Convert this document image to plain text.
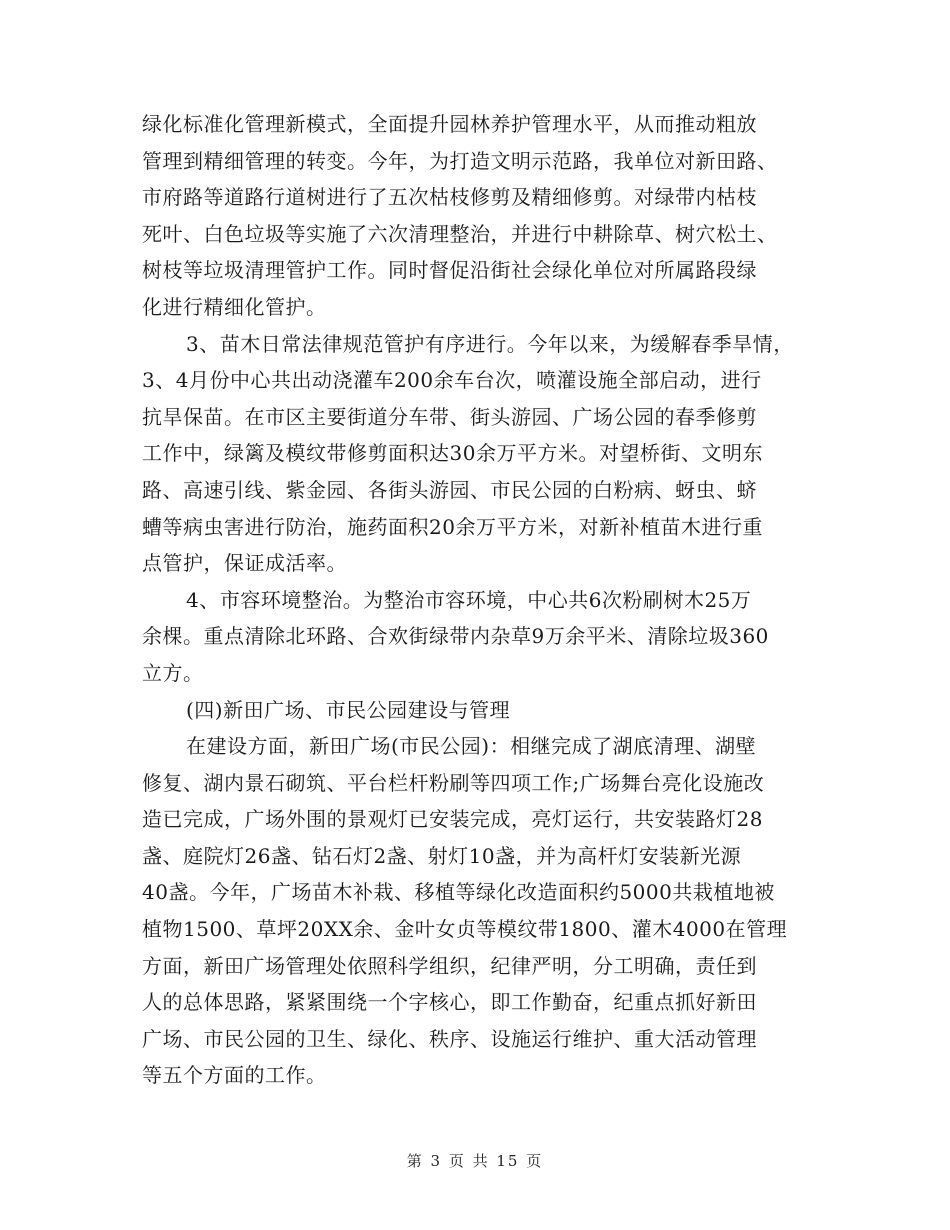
绿化标准化管理新模式，全面提升园林养护管理水平，从而推动粗放
管理到精细管理的转变。今年，为打造文明示范路，我单位对新田路、
市府路等道路行道树进行了五次枯枝修剪及精细修剪。对绿带内枯枝
死叶、白色垃圾等实施了六次清理整治，并进行中耕除草、树穴松土、
树枝等垃圾清理管护工作。同时督促沿街社会绿化单位对所属路段绿
化进行精细化管护。
3、苗木日常法律规范管护有序进行。今年以来，为缓解春季旱情，
3、4月份中心共出动浇灌车200余车台次，喷灌设施全部启动，进行
抗旱保苗。在市区主要街道分车带、街头游园、广场公园的春季修剪
工作中，绿篱及模纹带修剪面积达30余万平方米。对望桥街、文明东
路、高速引线、紫金园、各街头游园、市民公园的白粉病、蚜虫、蛴
螬等病虫害进行防治，施药面积20余万平方米，对新补植苗木进行重
点管护，保证成活率。
4、市容环境整治。为整治市容环境，中心共6次粉刷树木25万
余棵。重点清除北环路、合欢街绿带内杂草9万余平米、清除垃圾360
立方。
(四)新田广场、市民公园建设与管理
在建设方面，新田广场(市民公园)：相继完成了湖底清理、湖壁
修复、湖内景石砌筑、平台栏杆粉刷等四项工作;广场舞台亮化设施改
造已完成，广场外围的景观灯已安装完成，亮灯运行，共安装路灯28
盏、庭院灯26盏、钻石灯2盏、射灯10盏，并为高杆灯安装新光源
40盏。今年，广场苗木补栽、移植等绿化改造面积约5000共栽植地被
植物1500、草坪20XX余、金叶女贞等模纹带1800、灌木4000在管理
方面，新田广场管理处依照科学组织，纪律严明，分工明确，责任到
人的总体思路，紧紧围绕一个字核心，即工作勤奋，纪重点抓好新田
广场、市民公园的卫生、绿化、秩序、设施运行维护、重大活动管理
等五个方面的工作。
第 3 页 共 15 页
